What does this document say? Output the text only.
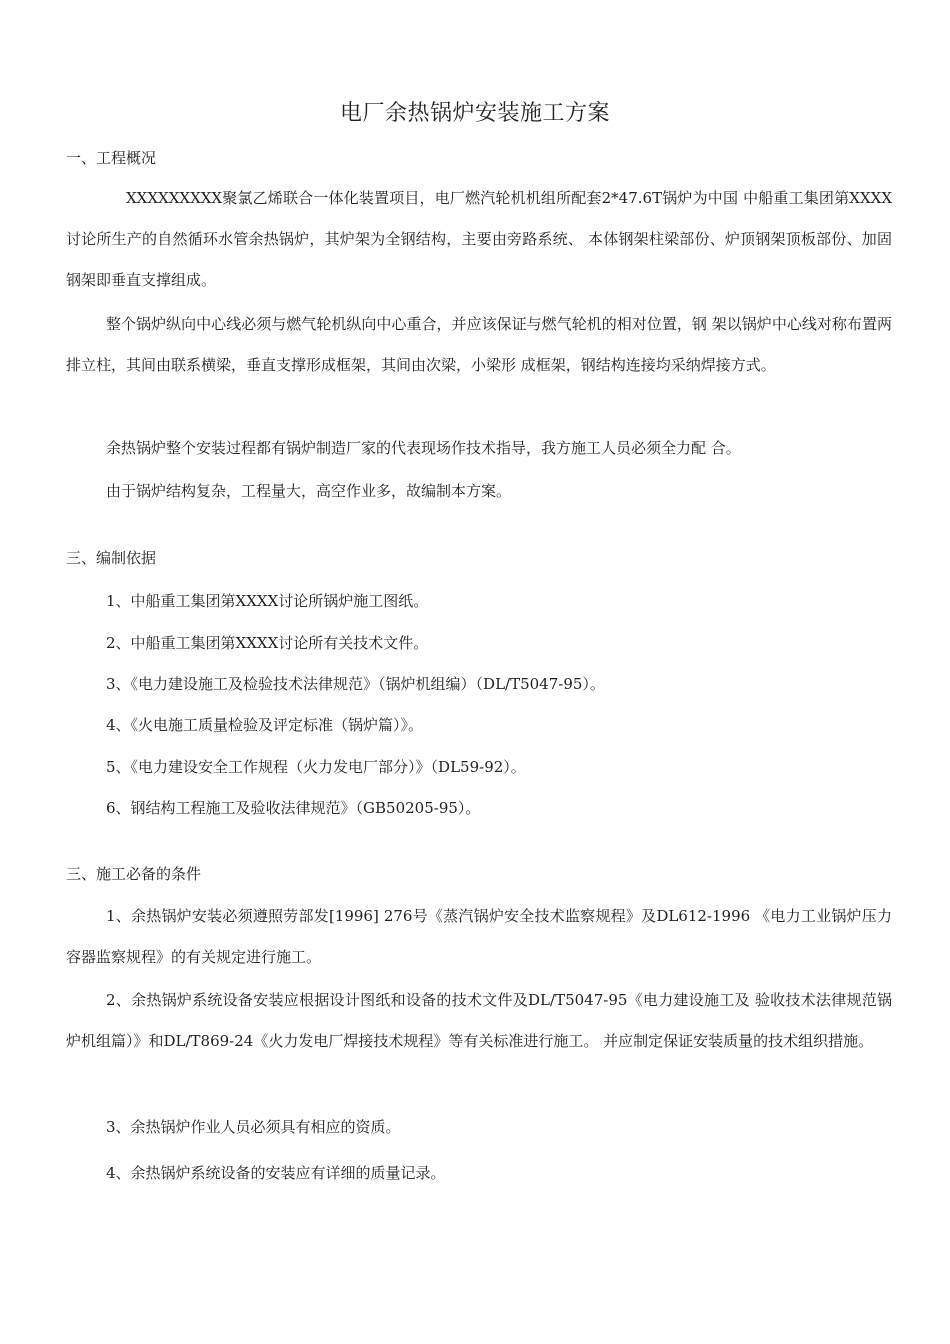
电厂余热锅炉安装施工方案
一、工程概况
XXXXXXXXX聚氯乙烯联合一体化装置项目，电厂燃汽轮机机组所配套2*47.6T锅炉为中国 中船重工集团第XXXX讨论所生产的自然循环水管余热锅炉，其炉架为全钢结构，主要由旁路系统、 本体钢架柱梁部份、炉顶钢架顶板部份、加固钢架即垂直支撑组成。
整个锅炉纵向中心线必须与燃气轮机纵向中心重合，并应该保证与燃气轮机的相对位置，钢 架以锅炉中心线对称布置两排立柱，其间由联系横梁，垂直支撑形成框架，其间由次梁，小梁形 成框架，钢结构连接均采纳焊接方式。
余热锅炉整个安装过程都有锅炉制造厂家的代表现场作技术指导，我方施工人员必须全力配 合。
由于锅炉结构复杂，工程量大，高空作业多，故编制本方案。
三、编制依据
1、中船重工集团第XXXX讨论所锅炉施工图纸。
2、中船重工集团第XXXX讨论所有关技术文件。
3、《电力建设施工及检验技术法律规范》（锅炉机组编）（DL/T5047-95）。
4、《火电施工质量检验及评定标准（锅炉篇）》。
5、《电力建设安全工作规程（火力发电厂部分）》（DL59-92）。
6、钢结构工程施工及验收法律规范》（GB50205-95）。
三、施工必备的条件
1、余热锅炉安装必须遵照劳部发[1996] 276号《蒸汽锅炉安全技术监察规程》及DL612-1996 《电力工业锅炉压力容器监察规程》的有关规定进行施工。
2、余热锅炉系统设备安装应根据设计图纸和设备的技术文件及DL/T5047-95《电力建设施工及 验收技术法律规范锅炉机组篇）》和DL/T869-24《火力发电厂焊接技术规程》等有关标准进行施工。 并应制定保证安装质量的技术组织措施。
3、余热锅炉作业人员必须具有相应的资质。
4、余热锅炉系统设备的安装应有详细的质量记录。
